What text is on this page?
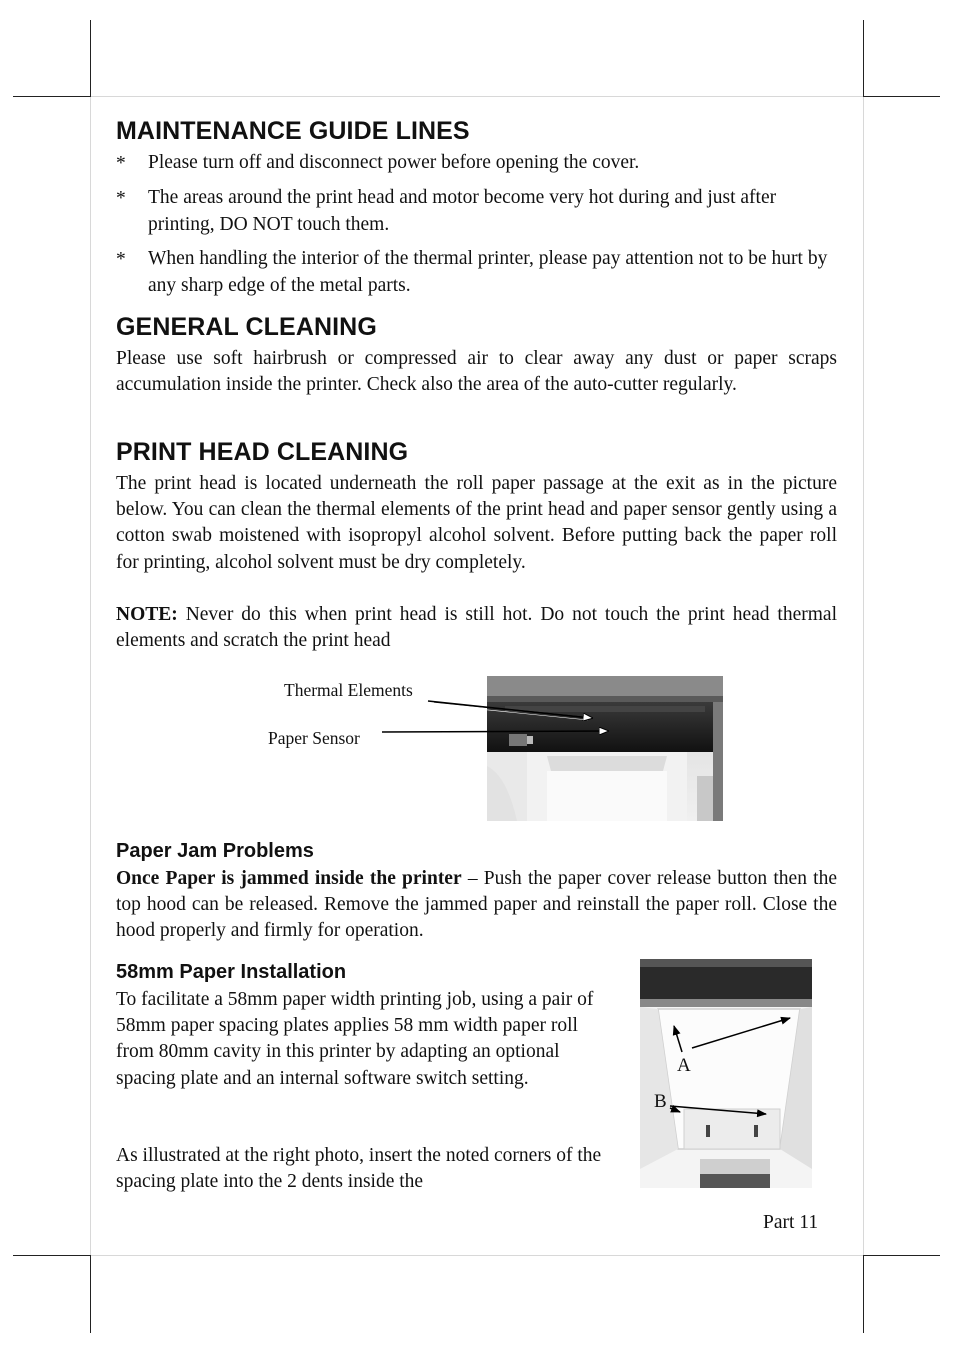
MAINTENANCE GUIDE LINES
* Please turn off and disconnect power before opening the cover.
* The areas around the print head and motor become very hot during and just after printing, DO NOT touch them.
* When handling the interior of the thermal printer, please pay attention not to be hurt by any sharp edge of the metal parts.
GENERAL CLEANING

Please use soft hairbrush or compressed air to clear away any dust or paper scraps accumulation inside the printer. Check also the area of the auto-cutter regularly.

PRINT HEAD CLEANING

The print head is located underneath the roll paper passage at the exit as in the picture below. You can clean the thermal elements of the print head and paper sensor gently using a cotton swab moistened with isopropyl alcohol solvent. Before putting back the paper roll for printing, alcohol solvent must be dry completely.

NOTE: Never do this when print head is still hot. Do not touch the print head thermal elements and scratch the print head

Thermal Elements
Paper Sensor
Paper Jam Problems

Once Paper is jammed inside the printer – Push the paper cover release button then the top hood can be released. Remove the jammed paper and reinstall the paper roll. Close the hood properly and firmly for operation.

58mm Paper Installation

To facilitate a 58mm paper width printing job, using a pair of 58mm paper spacing plates applies 58 mm width paper roll from 80mm cavity in this printer by adapting an optional spacing plate and an internal software switch setting.

As illustrated at the right photo, insert the noted corners of the spacing plate into the 2 dents inside the

A
B
Part 11
